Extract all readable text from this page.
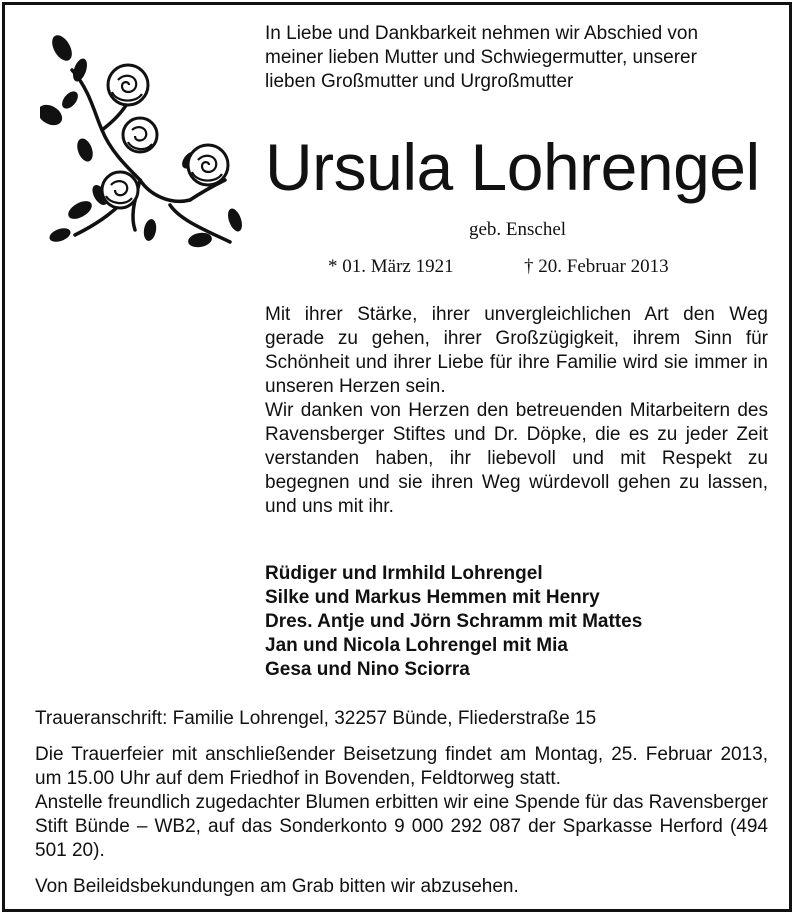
In Liebe und Dankbarkeit nehmen wir Abschied von
meiner lieben Mutter und Schwiegermutter, unserer
lieben Großmutter und Urgroßmutter
Ursula Lohrengel
geb. Enschel
* 01. März 1921	† 20. Februar 2013

Mit ihrer Stärke, ihrer unvergleichlichen Art den Weg gerade zu gehen, ihrer Großzügigkeit, ihrem Sinn für Schönheit und ihrer Liebe für ihre Familie wird sie immer in unseren Herzen sein.

Wir danken von Herzen den betreuenden Mitarbeitern des Ravensberger Stiftes und Dr. Döpke, die es zu jeder Zeit verstanden haben, ihr liebevoll und mit Respekt zu begegnen und sie ihren Weg würdevoll gehen zu lassen, und uns mit ihr.

Rüdiger und Irmhild Lohrengel
Silke und Markus Hemmen mit Henry
Dres. Antje und Jörn Schramm mit Mattes
Jan und Nicola Lohrengel mit Mia
Gesa und Nino Sciorra

Traueranschrift: Familie Lohrengel, 32257 Bünde, Fliederstraße 15

Die Trauerfeier mit anschließender Beisetzung findet am Montag, 25. Februar 2013, um 15.00 Uhr auf dem Friedhof in Bovenden, Feldtorweg statt.

Anstelle freundlich zugedachter Blumen erbitten wir eine Spende für das Ravensberger Stift Bünde – WB2, auf das Sonderkonto 9 000 292 087 der Sparkasse Herford (494 501 20).

Von Beileidsbekundungen am Grab bitten wir abzusehen.
